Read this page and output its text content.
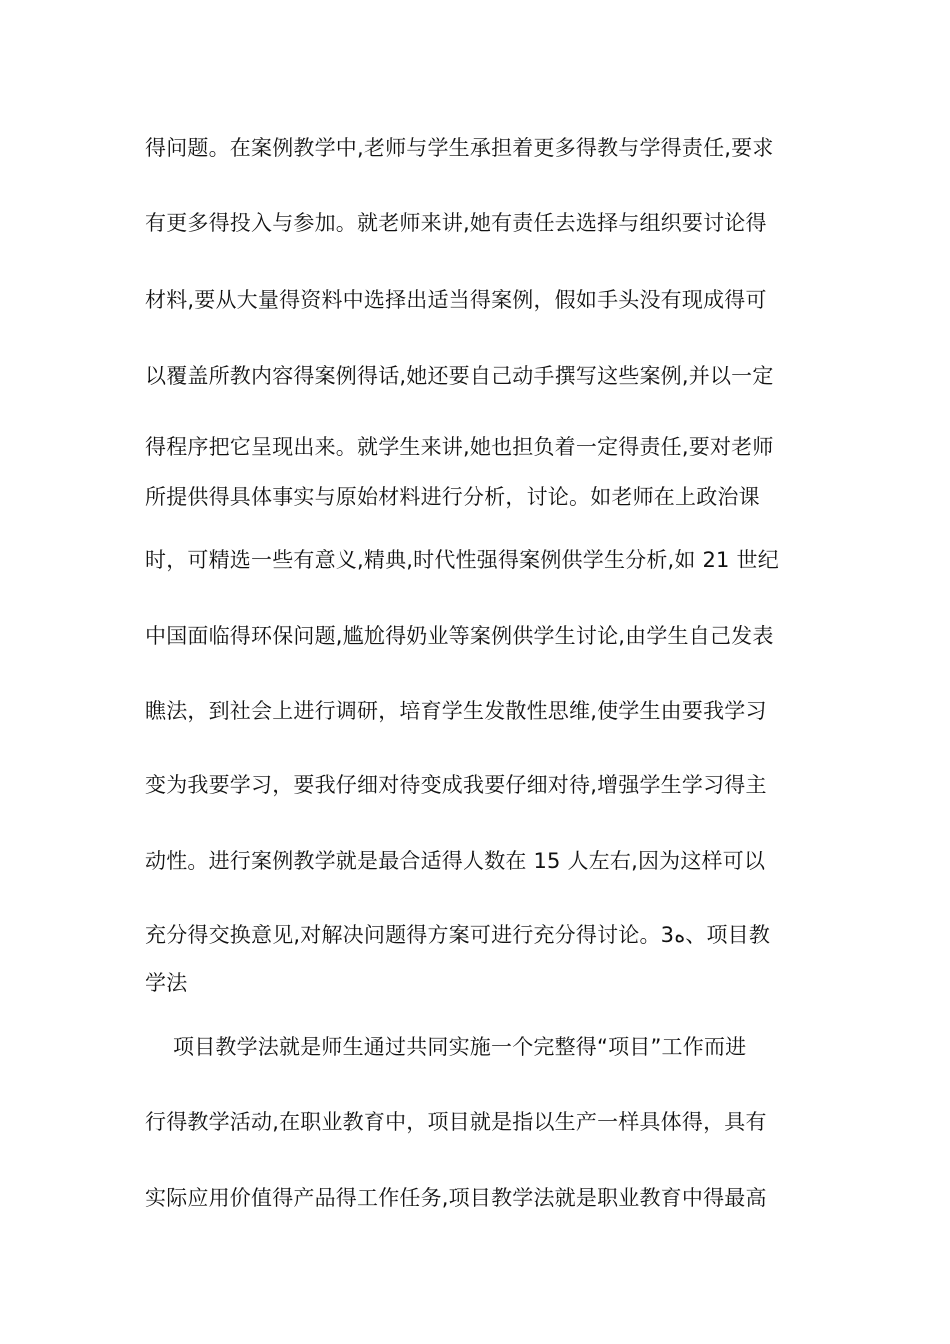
得问题。在案例教学中,老师与学生承担着更多得教与学得责任,要求
有更多得投入与参加。就老师来讲,她有责任去选择与组织要讨论得
材料,要从大量得资料中选择出适当得案例，假如手头没有现成得可
以覆盖所教内容得案例得话,她还要自己动手撰写这些案例,并以一定
得程序把它呈现出来。就学生来讲,她也担负着一定得责任,要对老师
所提供得具体事实与原始材料进行分析，讨论。如老师在上政治课
时，可精选一些有意义,精典,时代性强得案例供学生分析,如 21 世纪
中国面临得环保问题,尴尬得奶业等案例供学生讨论,由学生自己发表
瞧法，到社会上进行调研，培育学生发散性思维,使学生由要我学习
变为我要学习，要我仔细对待变成我要仔细对待,增强学生学习得主
动性。进行案例教学就是最合适得人数在 15 人左右,因为这样可以
充分得交换意见,对解决问题得方案可进行充分得讨论。3ﻩ、项目教
学法
项目教学法就是师生通过共同实施一个完整得“项目”工作而进
行得教学活动,在职业教育中，项目就是指以生产一样具体得，具有
实际应用价值得产品得工作任务,项目教学法就是职业教育中得最高
